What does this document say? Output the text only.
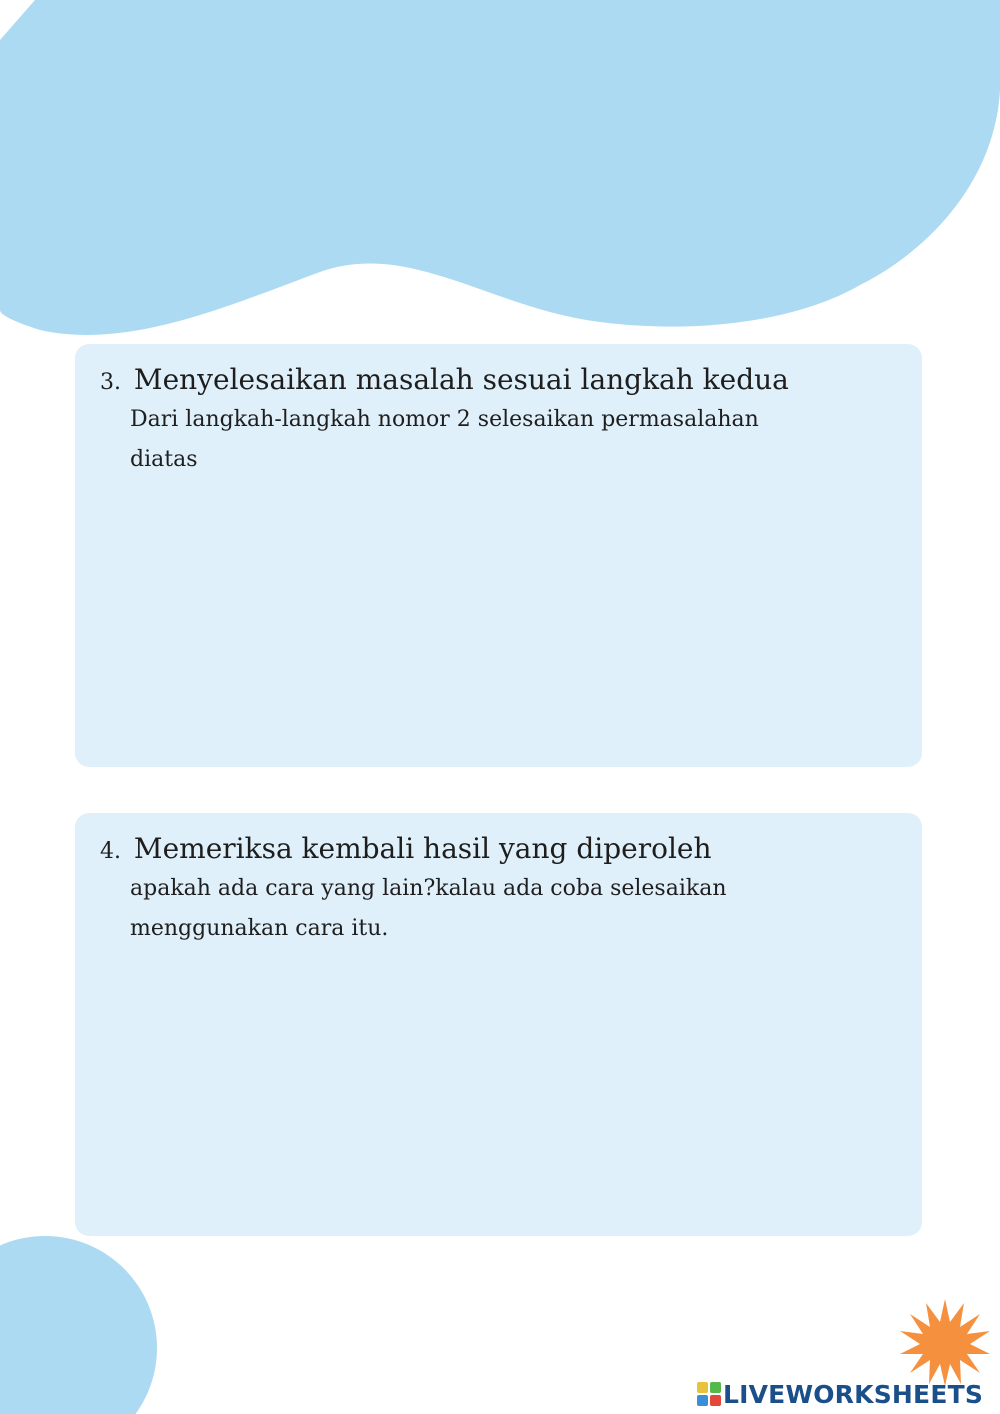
3. Menyelesaikan masalah sesuai langkah kedua

Dari langkah-langkah nomor 2 selesaikan permasalahan

diatas

4. Memeriksa kembali hasil yang diperoleh

apakah ada cara yang lain?kalau ada coba selesaikan

menggunakan cara itu.

LIVEWORKSHEETS
